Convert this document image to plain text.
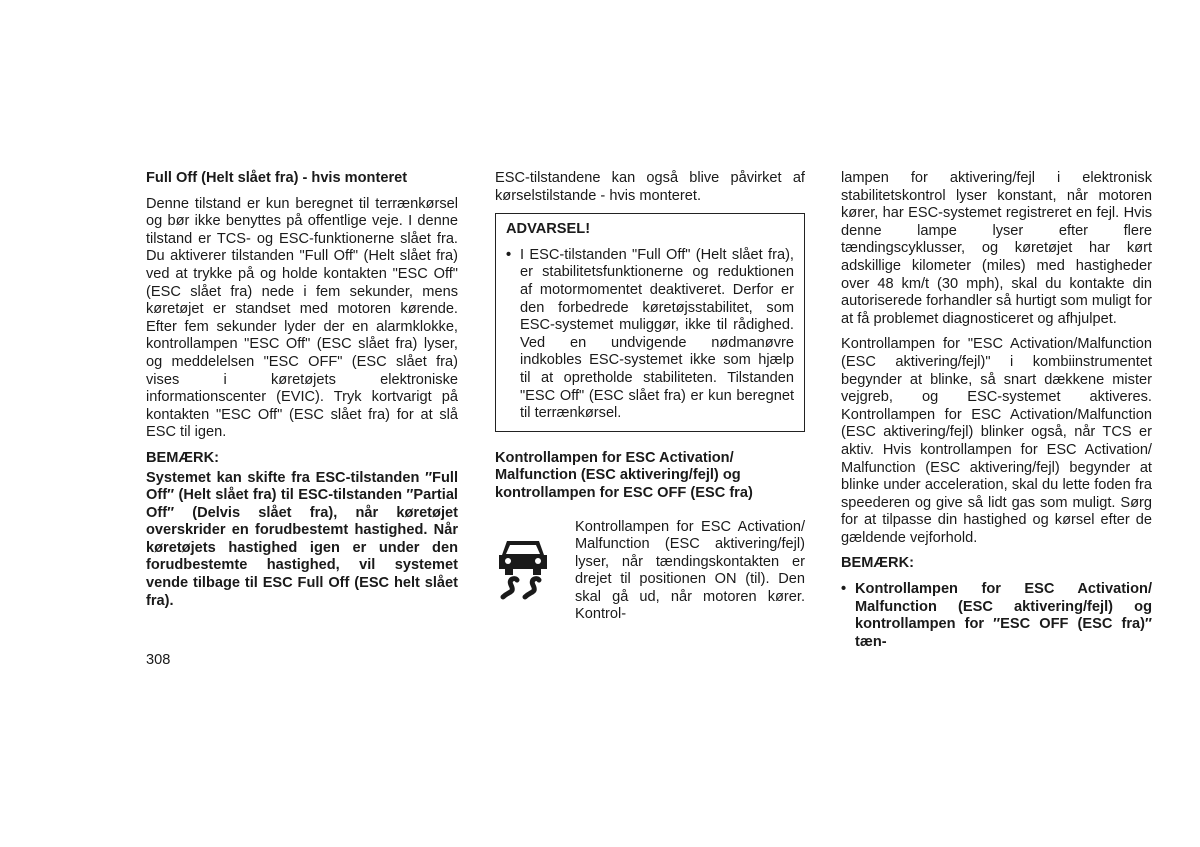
Full Off (Helt slået fra) - hvis monteret
Denne tilstand er kun beregnet til terrænkørsel og bør ikke benyttes på offentlige veje. I denne tilstand er TCS- og ESC-funktionerne slået fra. Du aktiverer tilstanden "Full Off" (Helt slået fra) ved at trykke på og holde kontakten "ESC Off" (ESC slået fra) nede i fem sekunder, mens køretøjet er standset med motoren kørende. Efter fem sekunder lyder der en alarmklokke, kontrollampen "ESC Off" (ESC slået fra) lyser, og meddelelsen "ESC OFF" (ESC slået fra) vises i køretøjets elektroniske informationscenter (EVIC). Tryk kortvarigt på kontakten "ESC Off" (ESC slået fra) for at slå ESC til igen.
BEMÆRK:
Systemet kan skifte fra ESC-tilstanden ″Full Off″ (Helt slået fra) til ESC-tilstanden ″Partial Off″ (Delvis slået fra), når køretøjet overskrider en forudbestemt hastighed. Når køretøjets hastighed igen er under den forudbestemte hastighed, vil systemet vende tilbage til ESC Full Off (ESC helt slået fra).
ESC-tilstandene kan også blive påvirket af kørselstilstande - hvis monteret.
ADVARSEL!
• I ESC-tilstanden "Full Off" (Helt slået fra), er stabilitetsfunktionerne og reduktionen af motormomentet deaktiveret. Derfor er den forbedrede køretøjsstabilitet, som ESC-systemet muliggør, ikke til rådighed. Ved en undvigende nødmanøvre indkobles ESC-systemet ikke som hjælp til at opretholde stabiliteten. Tilstanden "ESC Off" (ESC slået fra) er kun beregnet til terrænkørsel.
Kontrollampen for ESC Activation/ Malfunction (ESC aktivering/fejl) og kontrollampen for ESC OFF (ESC fra)
Kontrollampen for ESC Activation/ Malfunction (ESC aktivering/fejl) lyser, når tændingskontakten er drejet til positionen ON (til). Den skal gå ud, når motoren kører. Kontrol-
lampen for aktivering/fejl i elektronisk stabilitetskontrol lyser konstant, når motoren kører, har ESC-systemet registreret en fejl. Hvis denne lampe lyser efter flere tændingscyklusser, og køretøjet har kørt adskillige kilometer (miles) med hastigheder over 48 km/t (30 mph), skal du kontakte din autoriserede forhandler så hurtigt som muligt for at få problemet diagnosticeret og afhjulpet.
Kontrollampen for "ESC Activation/Malfunction (ESC aktivering/fejl)" i kombiinstrumentet begynder at blinke, så snart dækkene mister vejgreb, og ESC-systemet aktiveres. Kontrollampen for ESC Activation/Malfunction (ESC aktivering/fejl) blinker også, når TCS er aktiv. Hvis kontrollampen for ESC Activation/ Malfunction (ESC aktivering/fejl) begynder at blinke under acceleration, skal du lette foden fra speederen og give så lidt gas som muligt. Sørg for at tilpasse din hastighed og kørsel efter de gældende vejforhold.
BEMÆRK:
• Kontrollampen for ESC Activation/ Malfunction (ESC aktivering/fejl) og kontrollampen for ″ESC OFF (ESC fra)″ tæn-
308
